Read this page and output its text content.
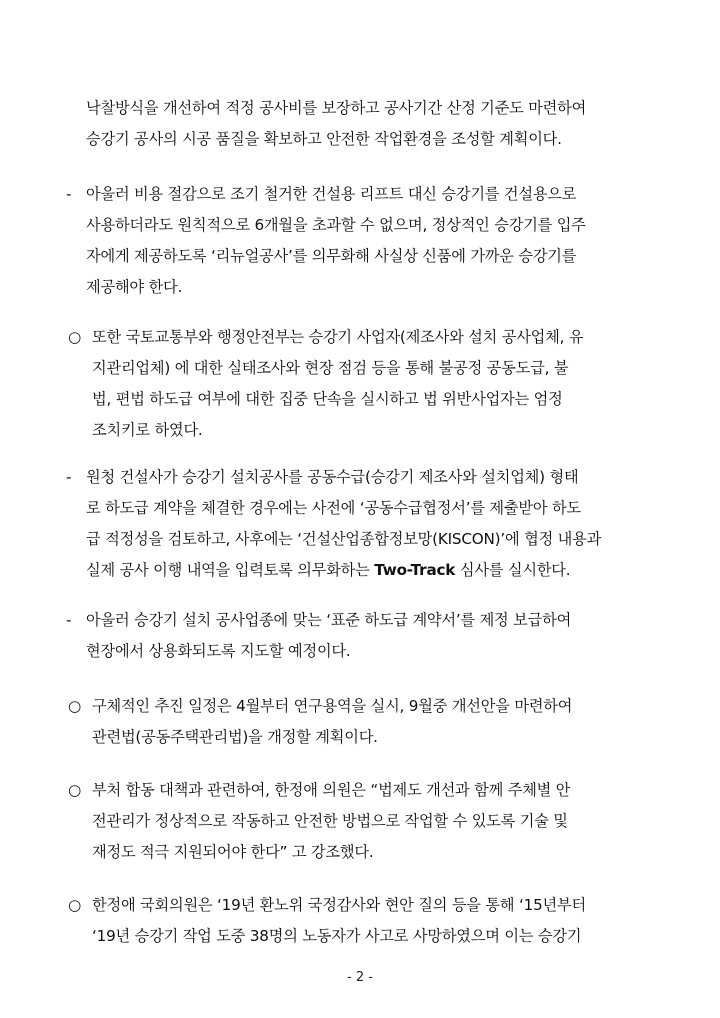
낙찰방식을 개선하여 적정 공사비를 보장하고 공사기간 산정 기준도 마련하여
승강기 공사의 시공 품질을 확보하고 안전한 작업환경을 조성할 계획이다.
- 아울러 비용 절감으로 조기 철거한 건설용 리프트 대신 승강기를 건설용으로
사용하더라도 원칙적으로 6개월을 초과할 수 없으며, 정상적인 승강기를 입주
자에게 제공하도록 ‘리뉴얼공사’를 의무화해 사실상 신품에 가까운 승강기를
제공해야 한다.
○ 또한 국토교통부와 행정안전부는 승강기 사업자(제조사와 설치 공사업체, 유
지관리업체) 에 대한 실태조사와 현장 점검 등을 통해 불공정 공동도급, 불
법, 편법 하도급 여부에 대한 집중 단속을 실시하고 법 위반사업자는 엄정
조치키로 하였다.
- 원청 건설사가 승강기 설치공사를 공동수급(승강기 제조사와 설치업체) 형태
로 하도급 계약을 체결한 경우에는 사전에 ‘공동수급협정서’를 제출받아 하도
급 적정성을 검토하고, 사후에는 ‘건설산업종합정보망(KISCON)’에 협정 내용과
실제 공사 이행 내역을 입력토록 의무화하는 Two-Track 심사를 실시한다.
- 아울러 승강기 설치 공사업종에 맞는 ‘표준 하도급 계약서’를 제정 보급하여
현장에서 상용화되도록 지도할 예정이다.
○ 구체적인 추진 일정은 4월부터 연구용역을 실시, 9월중 개선안을 마련하여
관련법(공동주택관리법)을 개정할 계획이다.
○ 부처 합동 대책과 관련하여, 한정애 의원은 “법제도 개선과 함께 주체별 안
전관리가 정상적으로 작동하고 안전한 방법으로 작업할 수 있도록 기술 및
재정도 적극 지원되어야 한다” 고 강조했다.
○ 한정애 국회의원은 ‘19년 환노위 국정감사와 현안 질의 등을 통해 ‘15년부터
‘19년 승강기 작업 도중 38명의 노동자가 사고로 사망하였으며 이는 승강기
- 2 -
